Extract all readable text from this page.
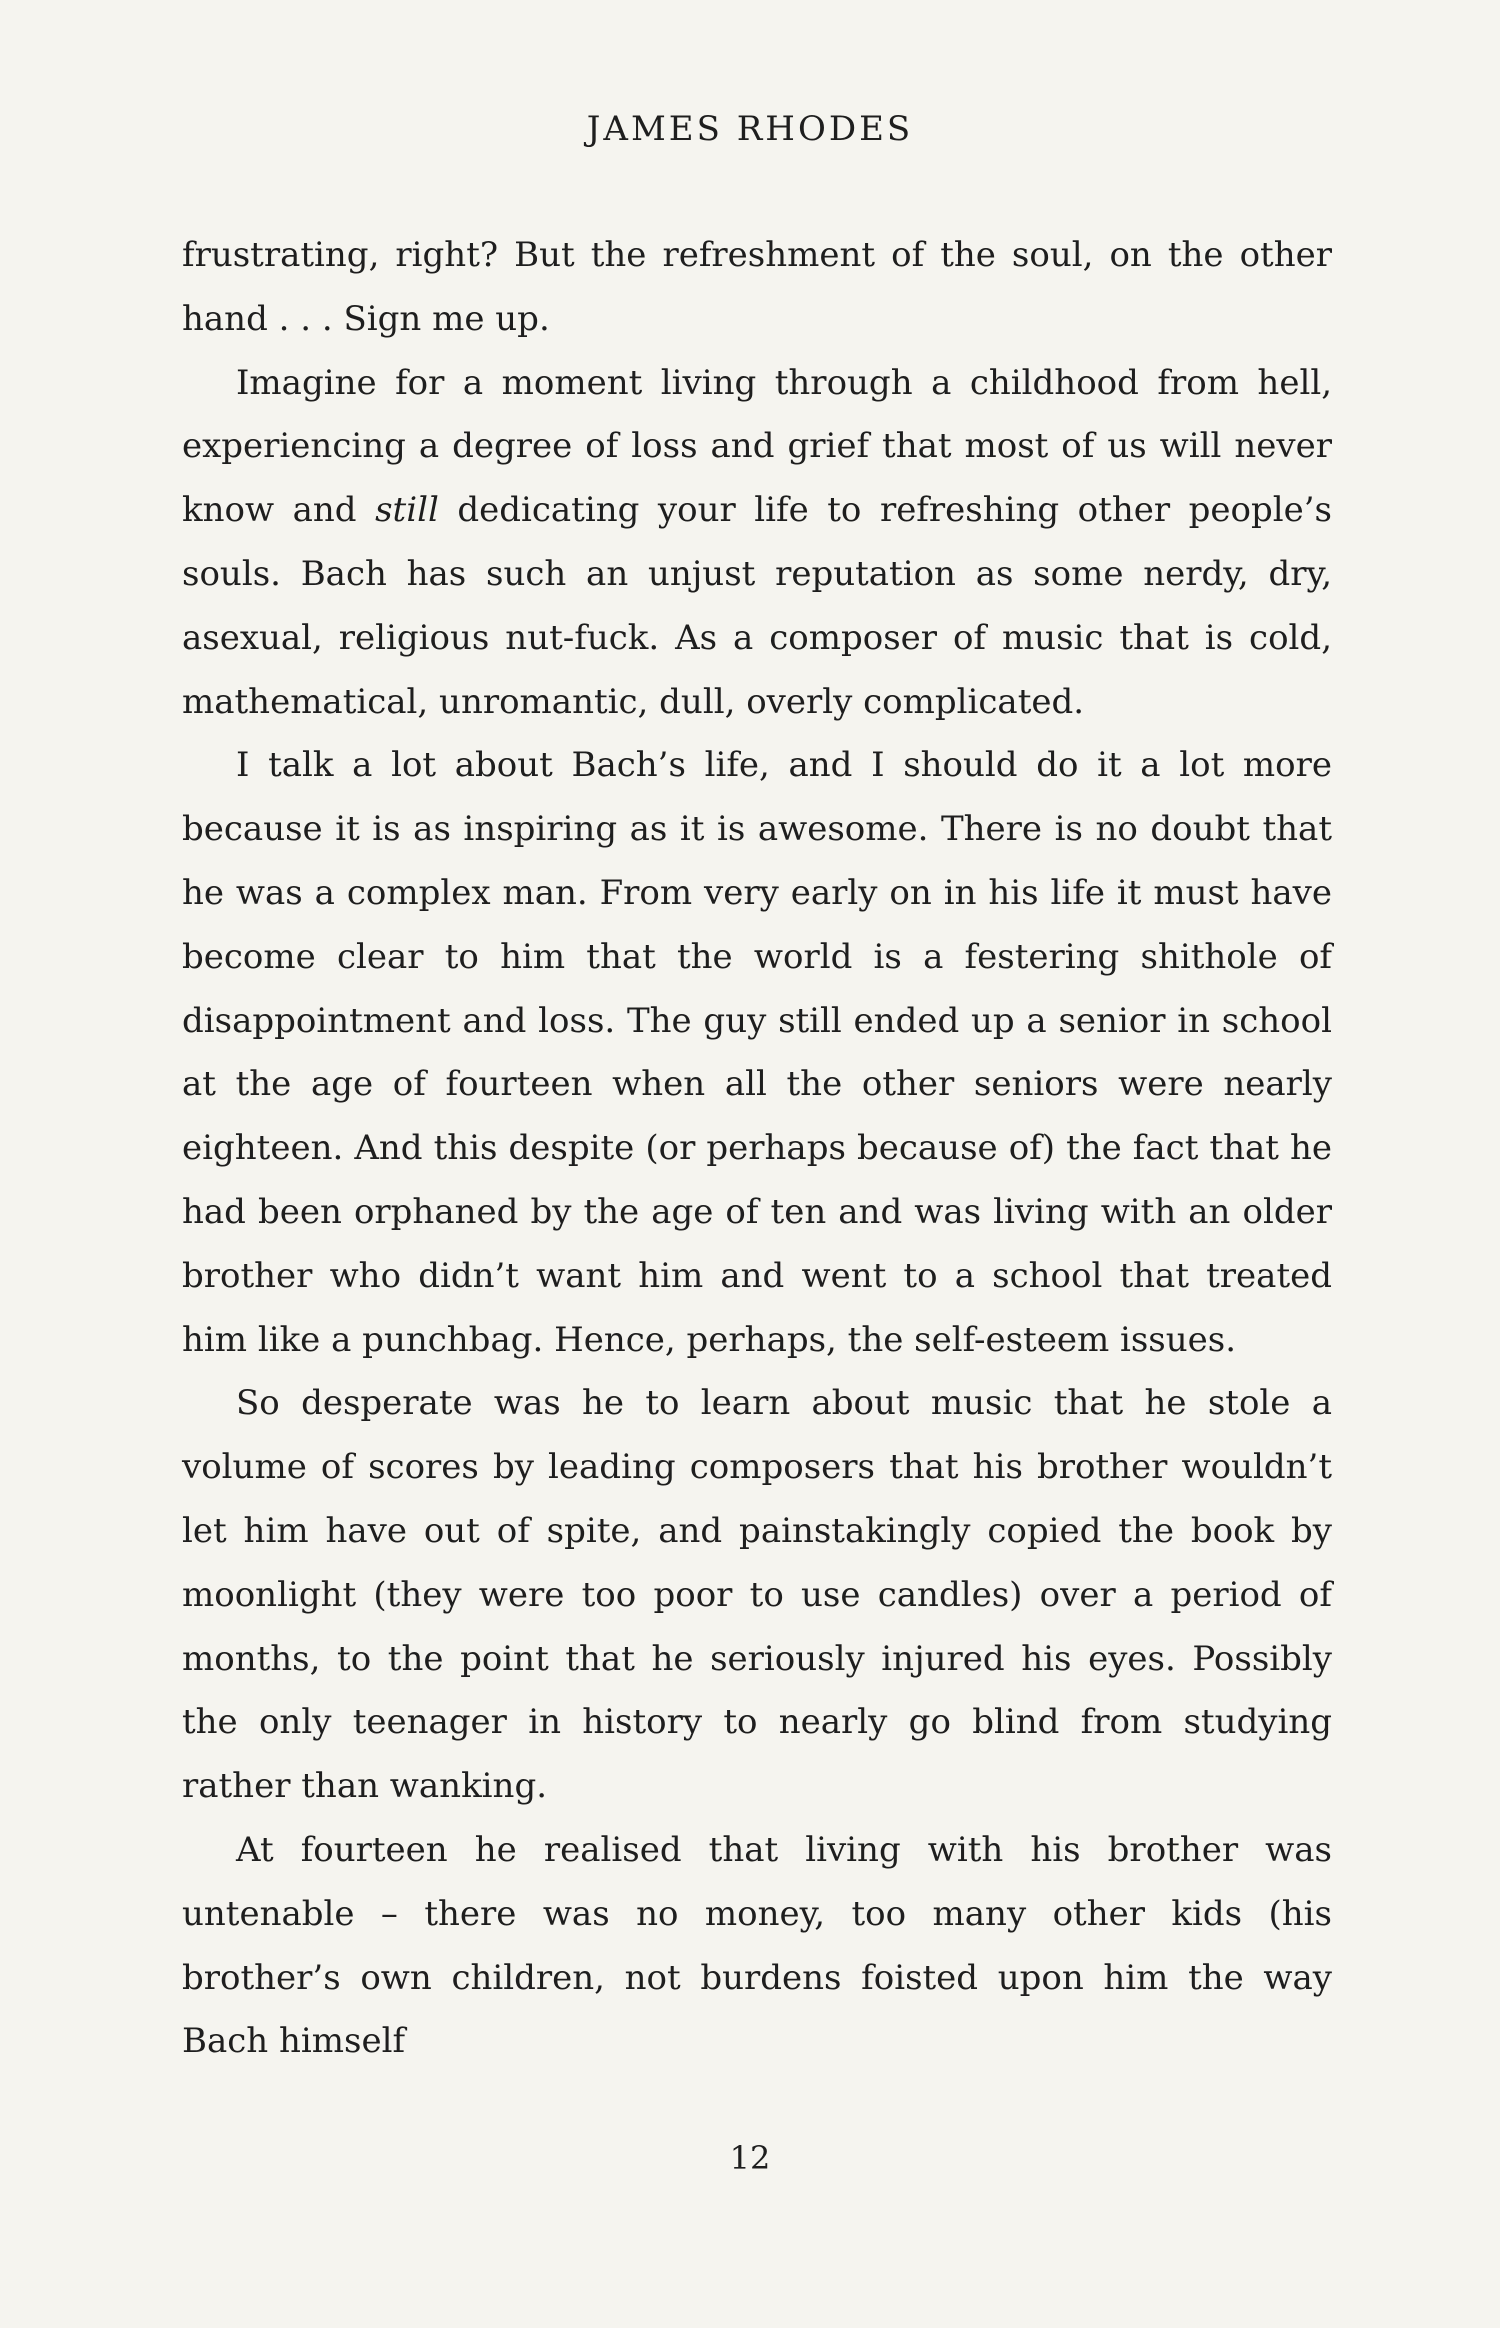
JAMES RHODES

frustrating, right? But the refreshment of the soul, on the other hand . . . Sign me up.

Imagine for a moment living through a childhood from hell, experiencing a degree of loss and grief that most of us will never know and still dedicating your life to refreshing other people’s souls. Bach has such an unjust reputation as some nerdy, dry, asexual, religious nut-fuck. As a composer of music that is cold, mathematical, unromantic, dull, overly complicated.

I talk a lot about Bach’s life, and I should do it a lot more because it is as inspiring as it is awesome. There is no doubt that he was a complex man. From very early on in his life it must have become clear to him that the world is a festering shithole of disappointment and loss. The guy still ended up a senior in school at the age of fourteen when all the other seniors were nearly eighteen. And this despite (or perhaps because of) the fact that he had been orphaned by the age of ten and was living with an older brother who didn’t want him and went to a school that treated him like a punchbag. Hence, perhaps, the self-esteem issues.

So desperate was he to learn about music that he stole a volume of scores by leading composers that his brother wouldn’t let him have out of spite, and painstakingly copied the book by moonlight (they were too poor to use candles) over a period of months, to the point that he seriously injured his eyes. Possibly the only teenager in history to nearly go blind from studying rather than wanking.

At fourteen he realised that living with his brother was untenable – there was no money, too many other kids (his brother’s own children, not burdens foisted upon him the way Bach himself

12
